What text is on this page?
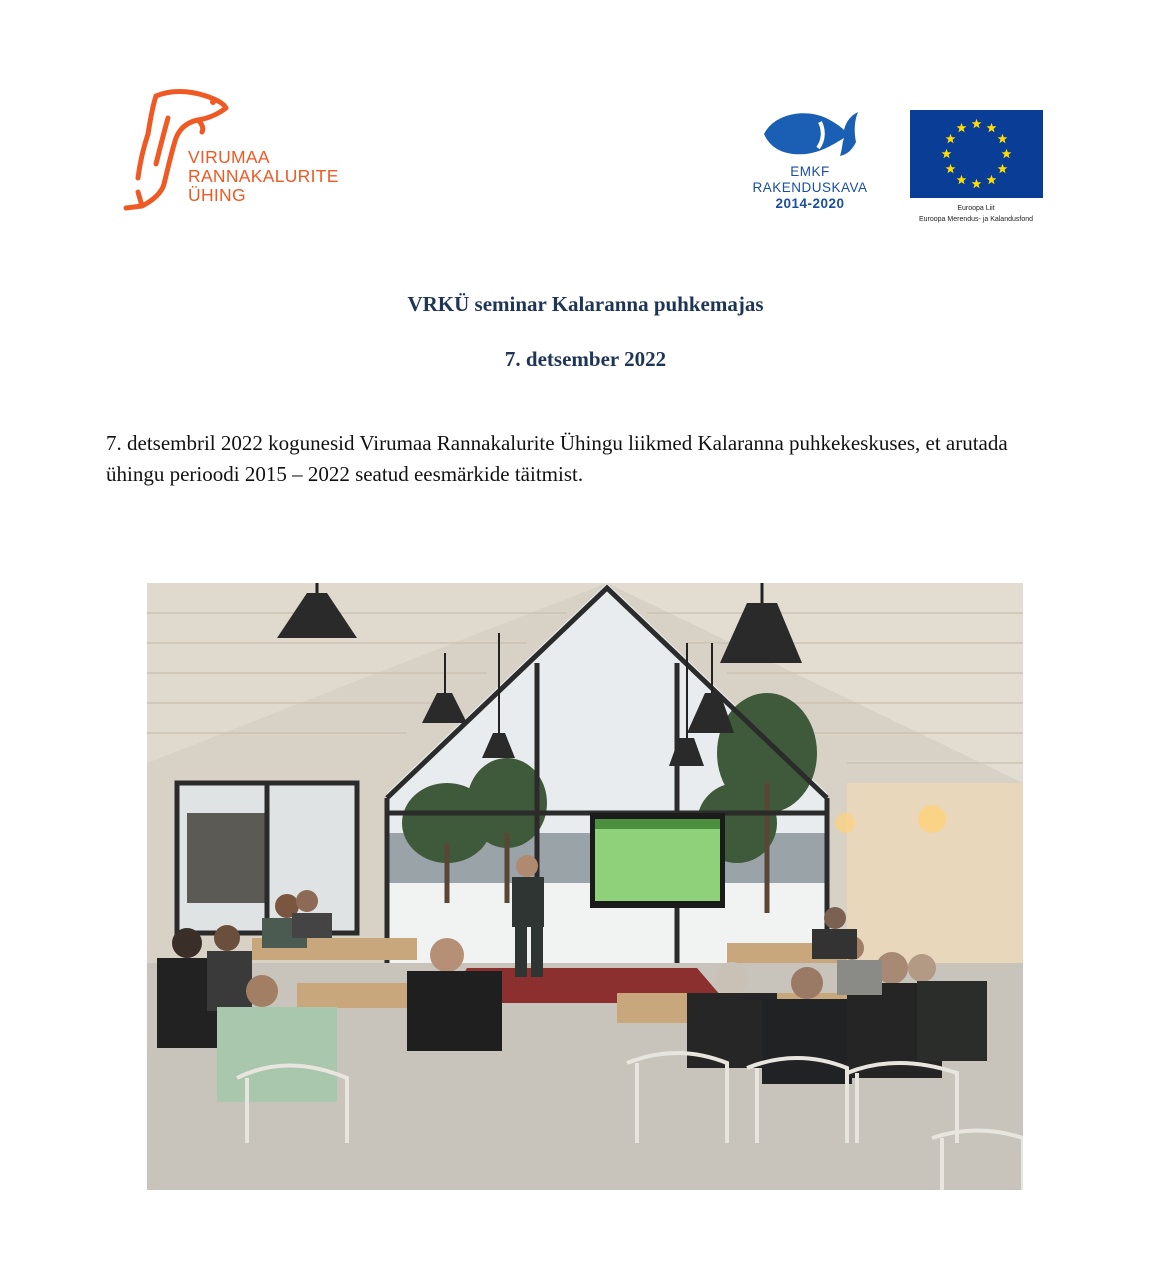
VIRUMAA
RANNAKALURITE
ÜHING
EMKF
RAKENDUSKAVA
2014-2020	Euroopa Liit
Euroopa Merendus- ja Kalandusfond
VRKÜ seminar Kalaranna puhkemajas
7. detsember 2022
7. detsembril 2022 kogunesid Virumaa Rannakalurite Ühingu liikmed Kalaranna puhkekeskuses, et arutada ühingu perioodi 2015 – 2022 seatud eesmärkide täitmist.
